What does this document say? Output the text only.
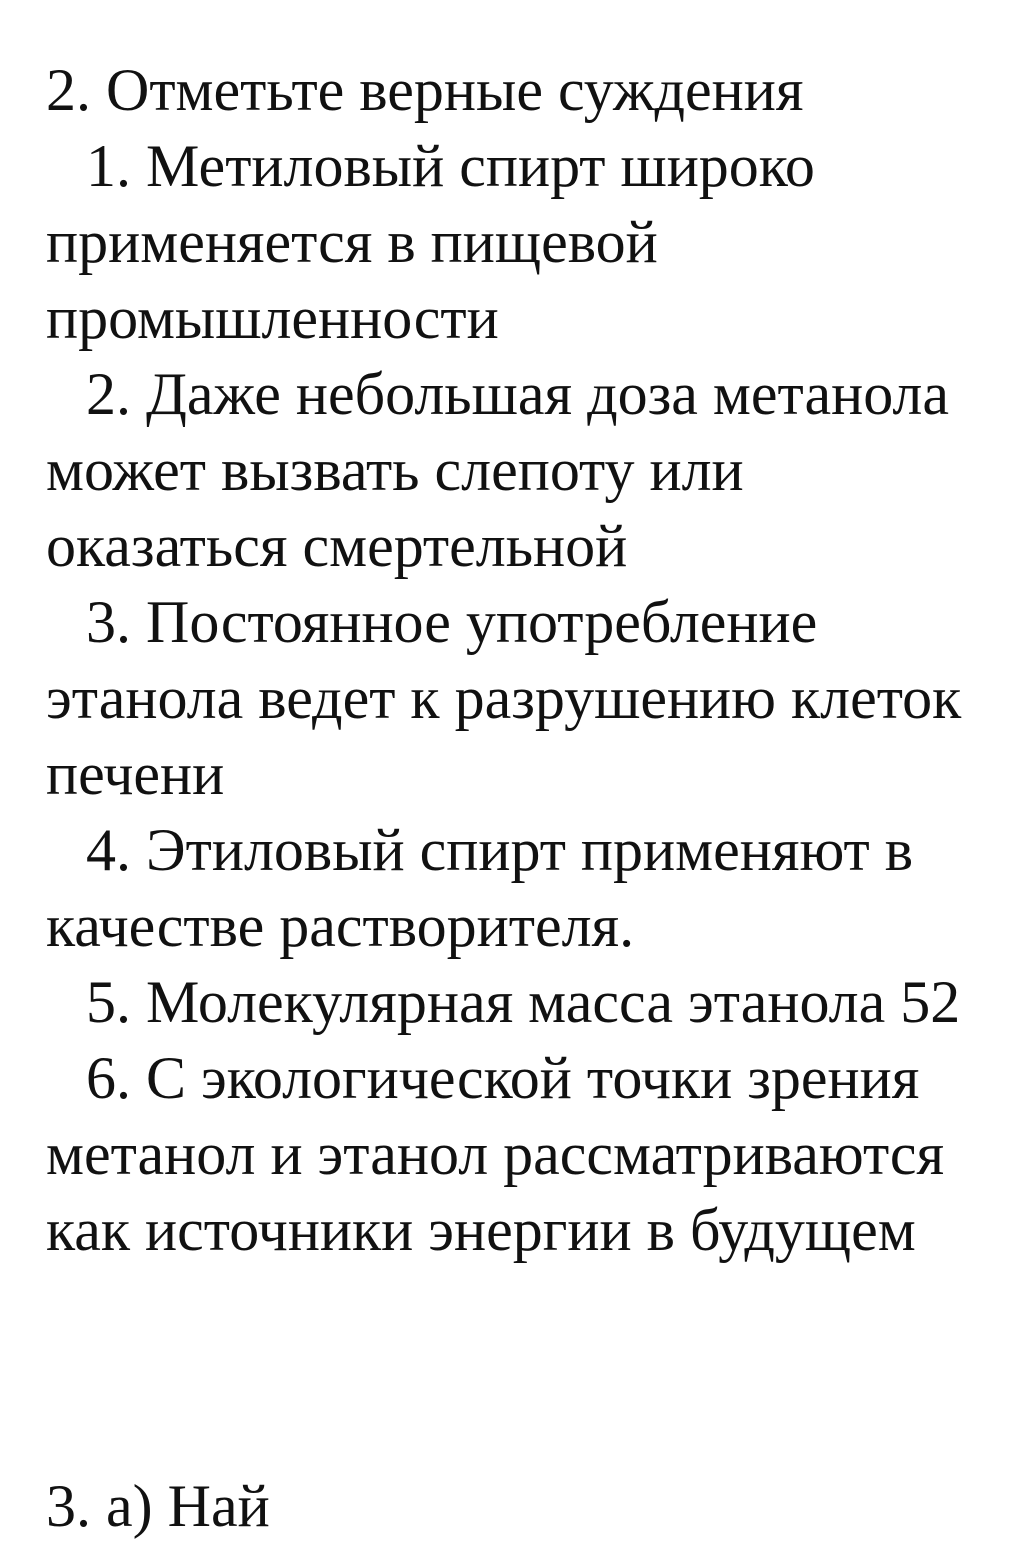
2. Отметьте верные суждения

1. Метиловый спирт широко применяется в пищевой промышленности

2. Даже небольшая доза метанола может вызвать слепоту или оказаться смертельной

3. Постоянное употребление этанола ведет к разрушению клеток печени

4. Этиловый спирт применяют в качестве растворителя.

5. Молекулярная масса этанола 52

6. С экологической точки зрения метанол и этанол рассматриваются как источники энергии в будущем

3. а) Най
